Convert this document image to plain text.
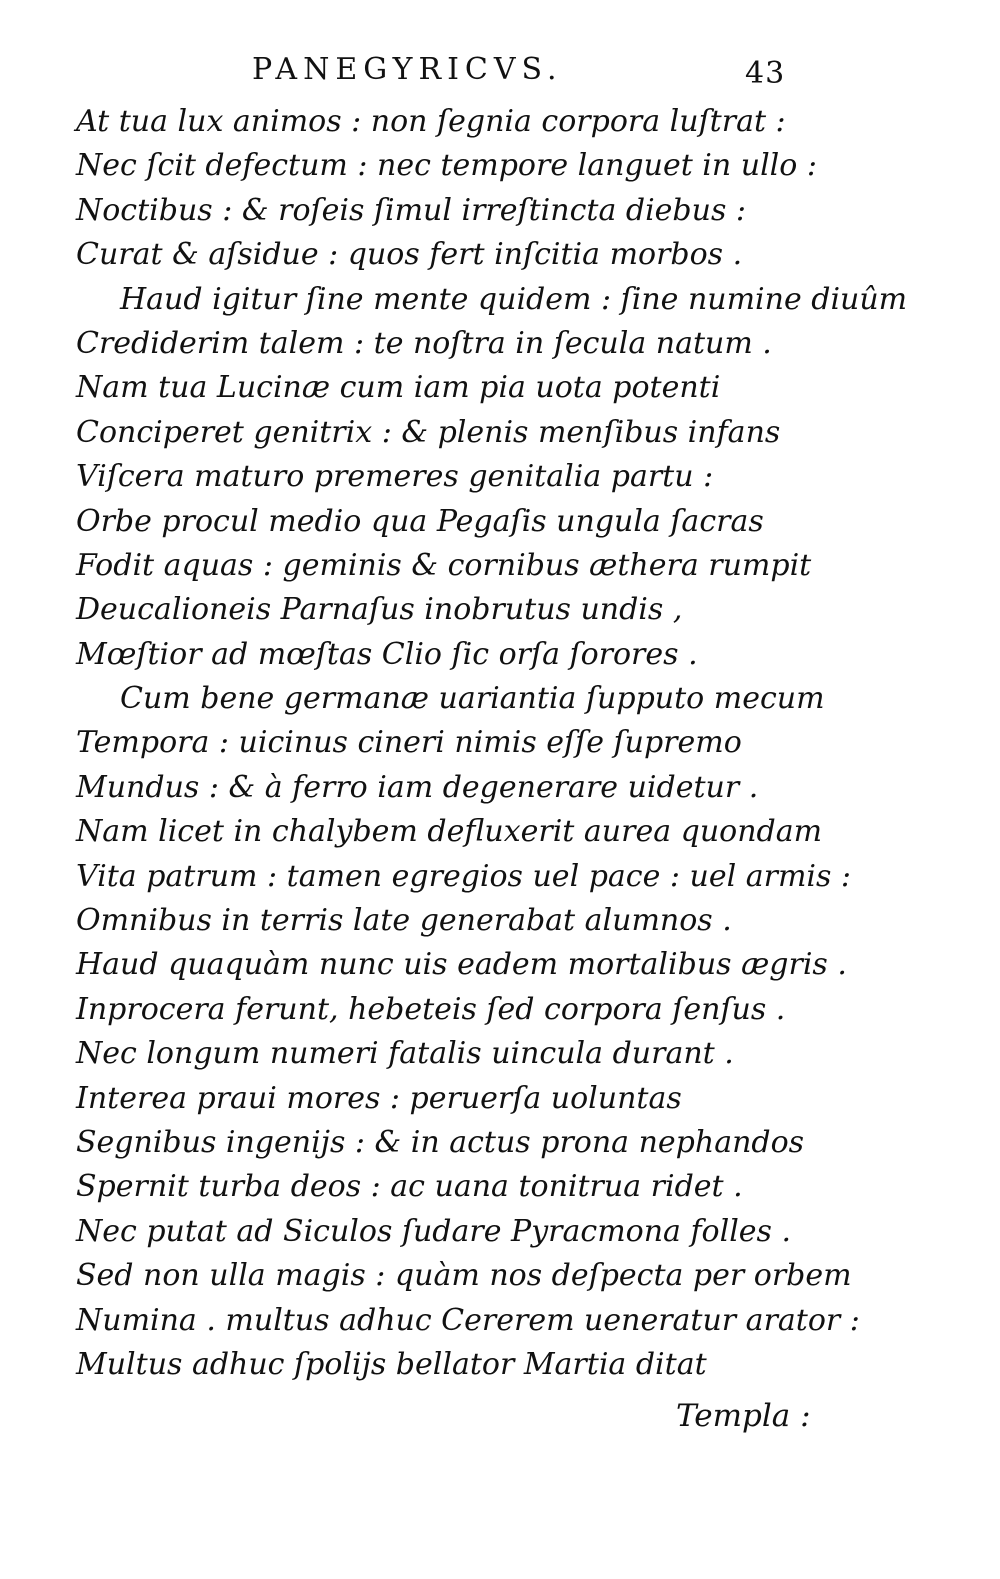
PANEGYRICVS.	43
At tua lux animos : non ſegnia corpora luſtrat :
Nec ſcit defectum : nec tempore languet in ullo :
Noctibus : & roſeis ſimul irreſtincta diebus :
Curat & aſsidue : quos fert inſcitia morbos .
Haud igitur ſine mente quidem : ſine numine diuûm
Crediderim talem : te noſtra in ſecula natum .
Nam tua Lucinæ cum iam pia uota potenti
Conciperet genitrix : & plenis menſibus infans
Viſcera maturo premeres genitalia partu :
Orbe procul medio qua Pegaſis ungula ſacras
Fodit aquas : geminis & cornibus æthera rumpit
Deucalioneis Parnaſus inobrutus undis ,
Mœſtior ad mœſtas Clio ſic orſa ſorores .
Cum bene germanæ uariantia ſupputo mecum
Tempora : uicinus cineri nimis eſſe ſupremo
Mundus : & à ferro iam degenerare uidetur .
Nam licet in chalybem defluxerit aurea quondam
Vita patrum : tamen egregios uel pace : uel armis :
Omnibus in terris late generabat alumnos .
Haud quaquàm nunc uis eadem mortalibus ægris .
Inprocera ferunt, hebeteis ſed corpora ſenſus .
Nec longum numeri fatalis uincula durant .
Interea praui mores : peruerſa uoluntas
Segnibus ingenijs : & in actus prona nephandos
Spernit turba deos : ac uana tonitrua ridet .
Nec putat ad Siculos ſudare Pyracmona folles .
Sed non ulla magis : quàm nos deſpecta per orbem
Numina . multus adhuc Cererem ueneratur arator :
Multus adhuc ſpolijs bellator Martia ditat
Templa :
